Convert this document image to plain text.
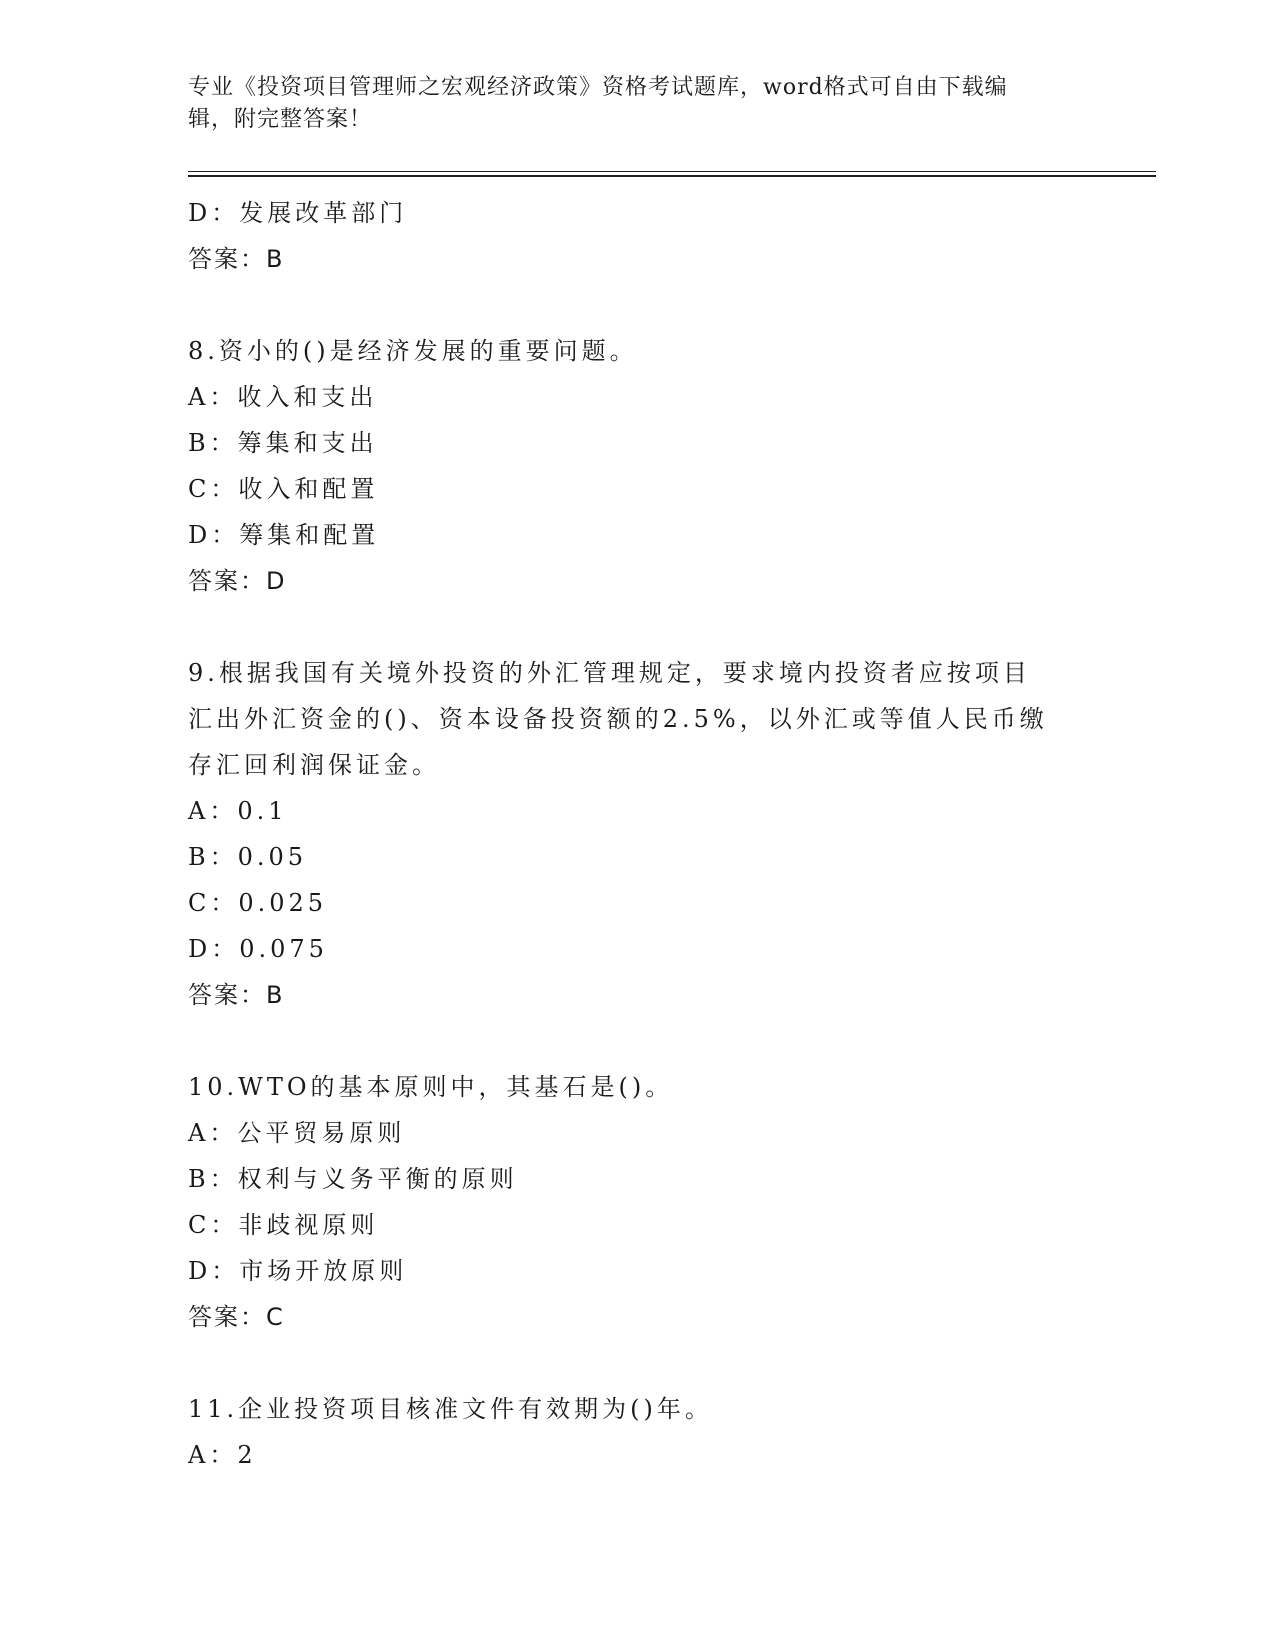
专业《投资项目管理师之宏观经济政策》资格考试题库，word格式可自由下载编
辑，附完整答案！
D：发展改革部门
答案：B
8.资小的()是经济发展的重要问题。
A：收入和支出
B：筹集和支出
C：收入和配置
D：筹集和配置
答案：D
9.根据我国有关境外投资的外汇管理规定，要求境内投资者应按项目
汇出外汇资金的()、资本设备投资额的2.5%，以外汇或等值人民币缴
存汇回利润保证金。
A：0.1
B：0.05
C：0.025
D：0.075
答案：B
10.WTO的基本原则中，其基石是()。
A：公平贸易原则
B：权利与义务平衡的原则
C：非歧视原则
D：市场开放原则
答案：C
11.企业投资项目核准文件有效期为()年。
A：2
